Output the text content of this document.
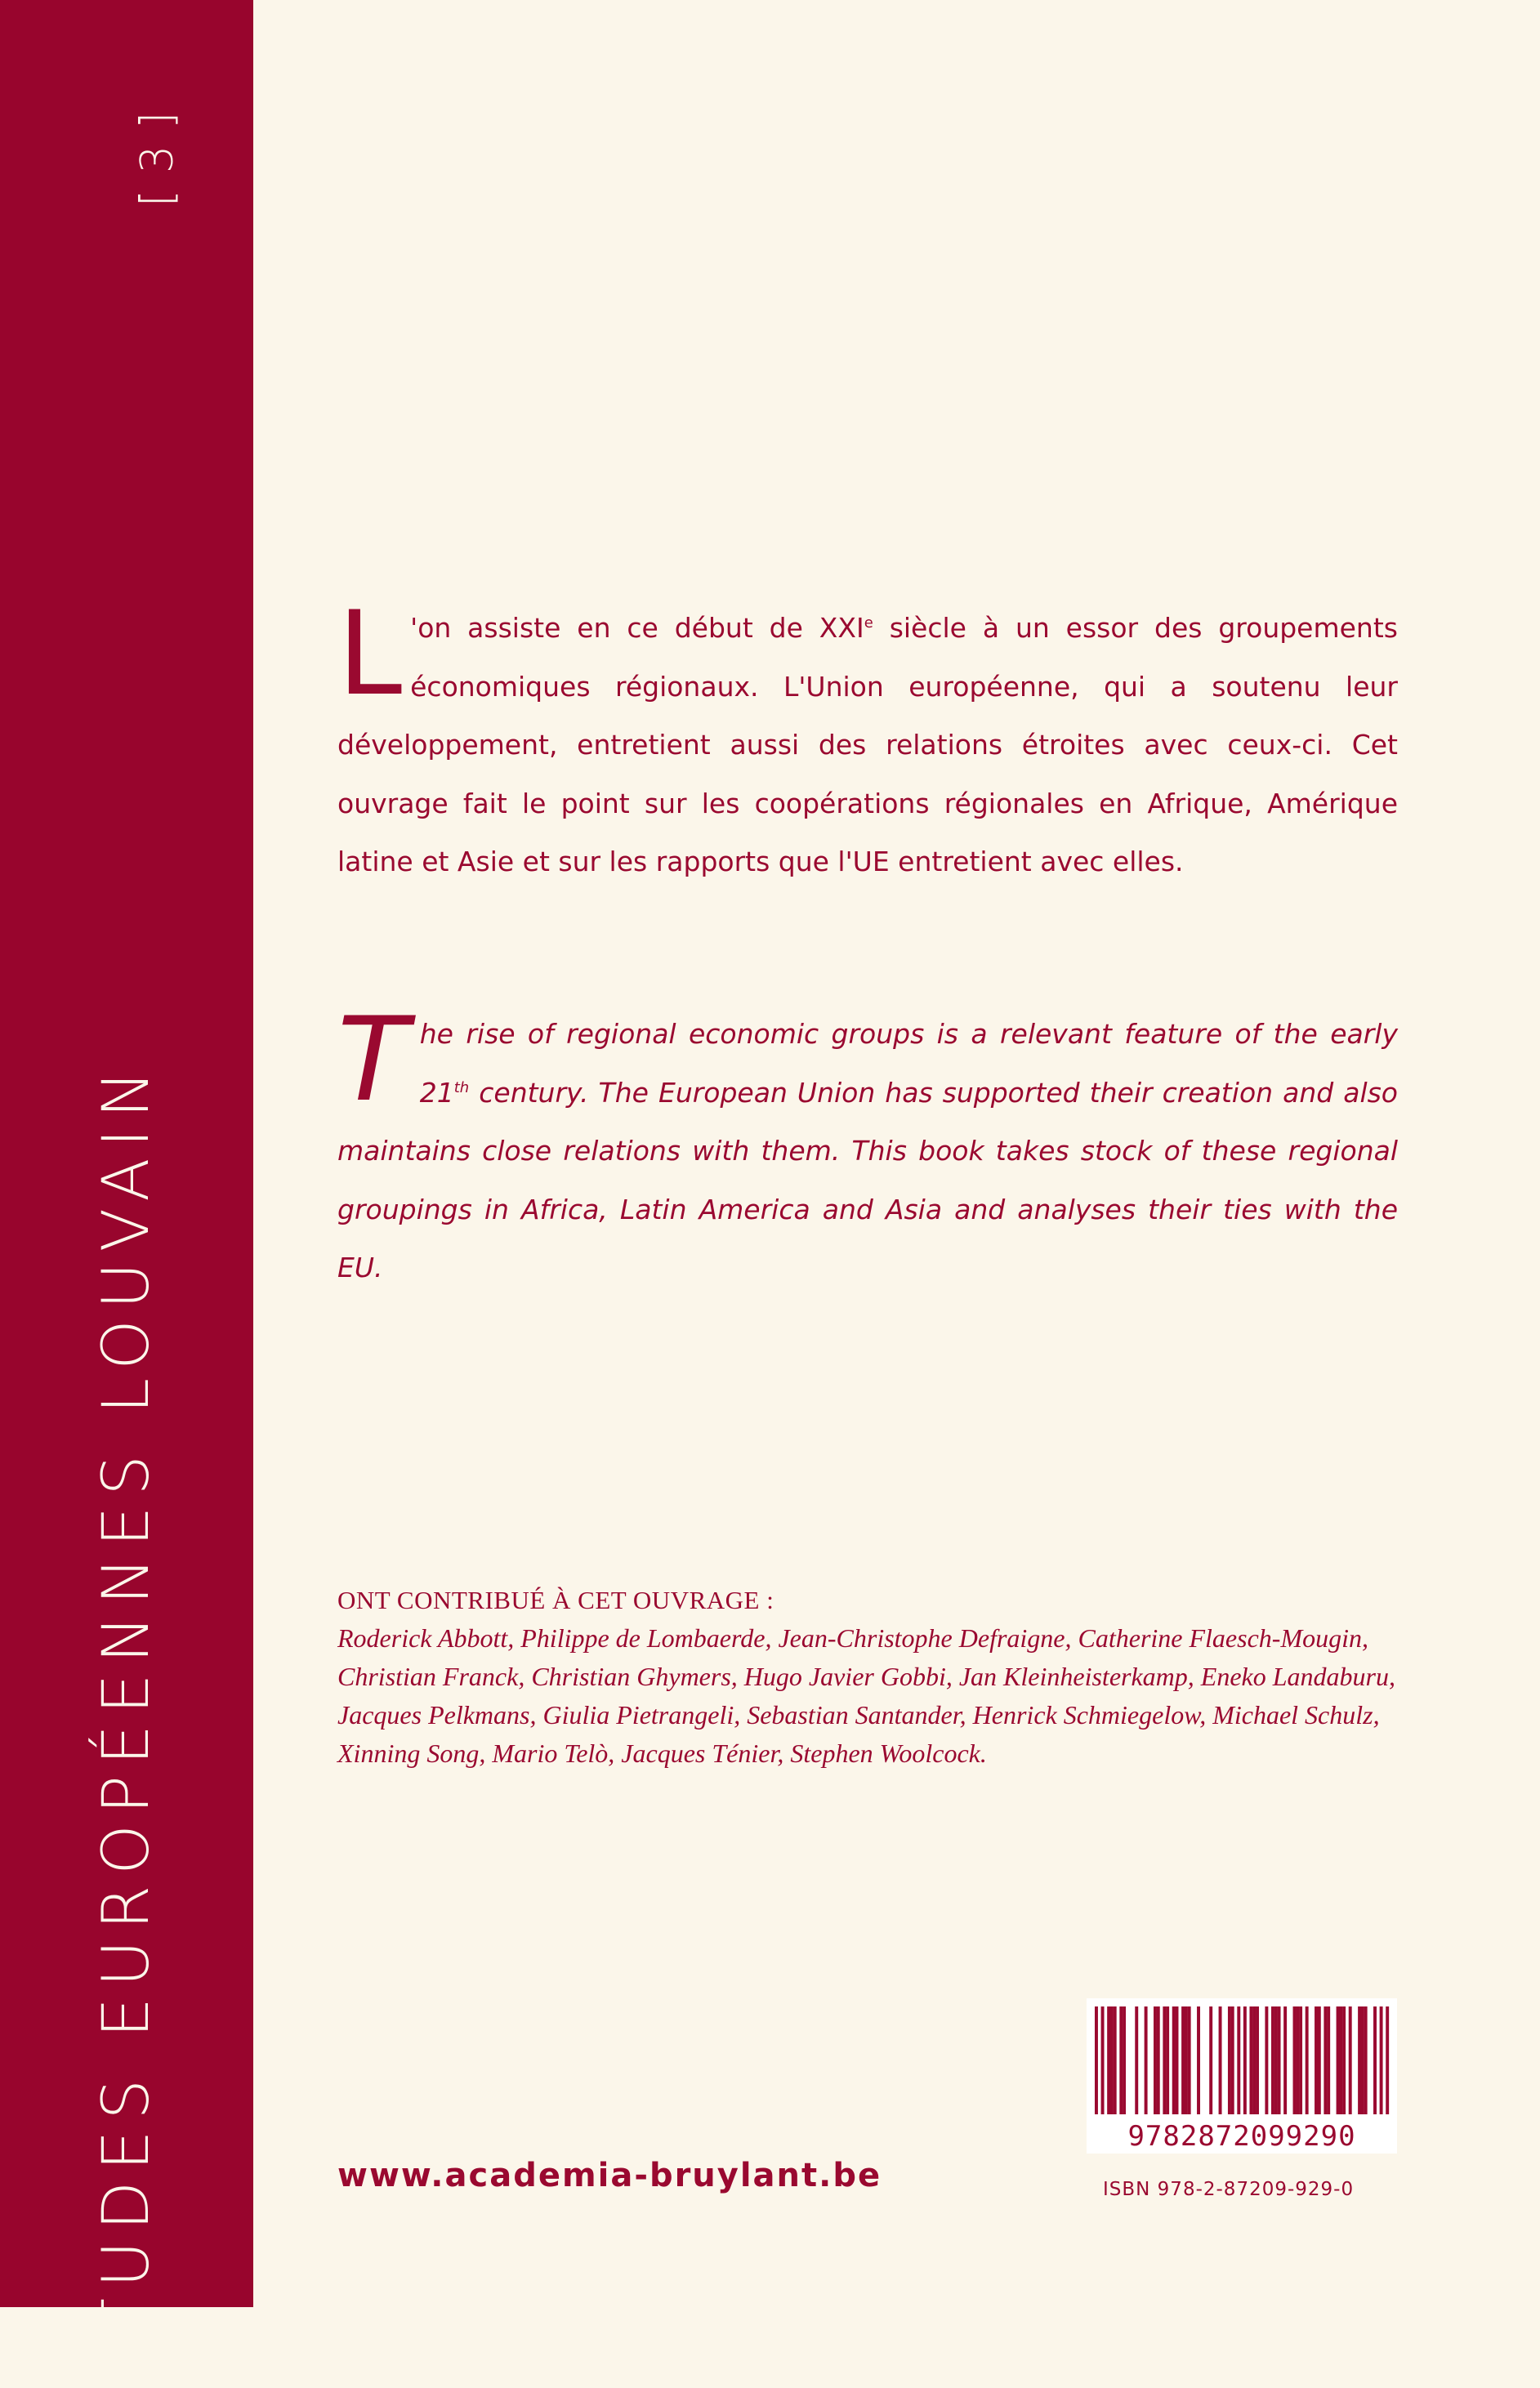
[3]
ÉTUDES EUROPÉENNES LOUVAIN
L 'on assiste en ce début de XXIe siècle à un essor des groupements économiques régionaux. L'Union européenne, qui a soutenu leur développement, entretient aussi des relations étroites avec ceux-ci. Cet ouvrage fait le point sur les coopérations régionales en Afrique, Amérique latine et Asie et sur les rapports que l'UE entretient avec elles.
The rise of regional economic groups is a relevant feature of the early 21th century. The European Union has supported their creation and also maintains close relations with them. This book takes stock of these regional groupings in Africa, Latin America and Asia and analyses their ties with the EU.
ONT CONTRIBUÉ À CET OUVRAGE :
Roderick Abbott, Philippe de Lombaerde, Jean-Christophe Defraigne, Catherine Flaesch-Mougin, Christian Franck, Christian Ghymers, Hugo Javier Gobbi, Jan Kleinheisterkamp, Eneko Landaburu, Jacques Pelkmans, Giulia Pietrangeli, Sebastian Santander, Henrick Schmiegelow, Michael Schulz, Xinning Song, Mario Telò, Jacques Ténier, Stephen Woolcock.
9782872099290
ISBN 978-2-87209-929-0
www.academia-bruylant.be
